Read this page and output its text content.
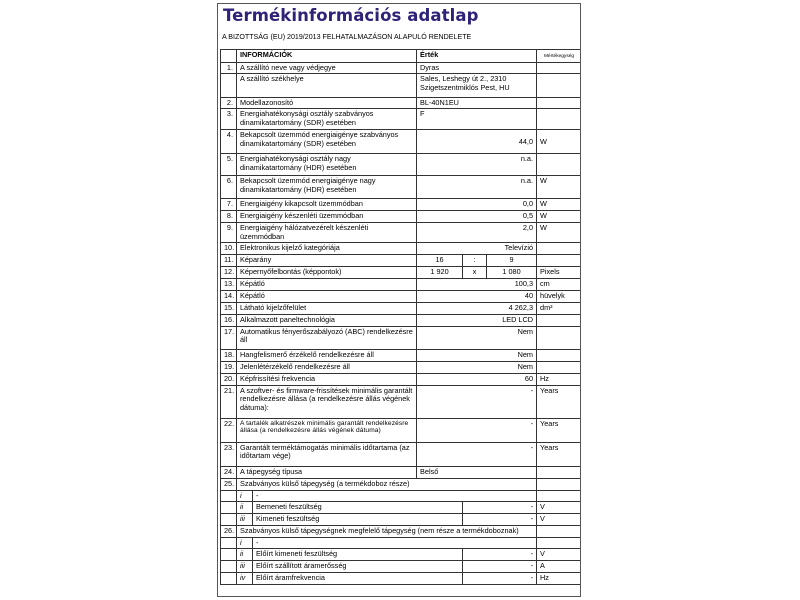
Termékinformációs adatlap
A BIZOTTSÁG (EU) 2019/2013 FELHATALMAZÁSON ALAPULÓ RENDELETE
	INFORMÁCIÓK		Érték			Mértékegység
1.	A szállító neve vagy védjegye		Dyras			
	A szállító székhelye		Sales, Leshegy út 2., 2310 Szigetszentmiklós Pest, HU			
2.	Modellazonosító		BL-40N1EU			
3.	Energiahatékonysági osztály szabványos dinamikatartomány (SDR) esetében		F			
4.	Bekapcsolt üzemmód energiaigénye szabványos dinamikatartomány (SDR) esetében		44,0			W
5.	Energiahatékonysági osztály nagy dinamikatartomány (HDR) esetében		n.a.			
6.	Bekapcsolt üzemmód energiaigénye nagy dinamikatartomány (HDR) esetében		n.a.			W
7.	Energiaigény kikapcsolt üzemmódban		0,0			W
8.	Energiaigény készenléti üzemmódban		0,5			W
9.	Energiaigény hálózatvezérelt készenléti üzemmódban		2,0			W
10.	Elektronikus kijelző kategóriája		Televízió			
11.	Képarány		16	:	9	
12.	Képernyőfelbontás (képpontok)		1 920	x	1 080	Pixels
13.	Képátló		100,3			cm
14.	Képátló		40			hüvelyk
15.	Látható kijelzőfelület		4 262,3			dm²
16.	Alkalmazott paneltechnológia		LED LCD			
17.	Automatikus fényerőszabályozó (ABC) rendelkezésre áll		Nem			
18.	Hangfelismerő érzékelő rendelkezésre áll		Nem			
19.	Jelenlétérzékelő rendelkezésre áll		Nem			
20.	Képfrissítési frekvencia		60			Hz
21.	A szoftver- és firmware-frissítések minimális garantált rendelkezésre állása (a rendelkezésre állás végének dátuma):		-			Years
22.	A tartalék alkatrészek minimális garantált rendelkezésre állása (a rendelkezésre állás végének dátuma)		-			Years
23.	Garantált terméktámogatás minimális időtartama (az időtartam vége)		-			Years
24.	A tápegység típusa		Belső			
25.	Szabványos külső tápegység (a termékdoboz része)					
	i	-				
	ii	Bemeneti feszültség		-		V
	iii	Kimeneti feszültség		-		V
26.	Szabványos külső tápegységnek megfelelő tápegység (nem része a termékdoboznak)					
	i	-				
	ii	Előírt kimeneti feszültség		-		V
	iii	Előírt szállított áramerősség		-		A
	iv	Előírt áramfrekvencia		-		Hz
